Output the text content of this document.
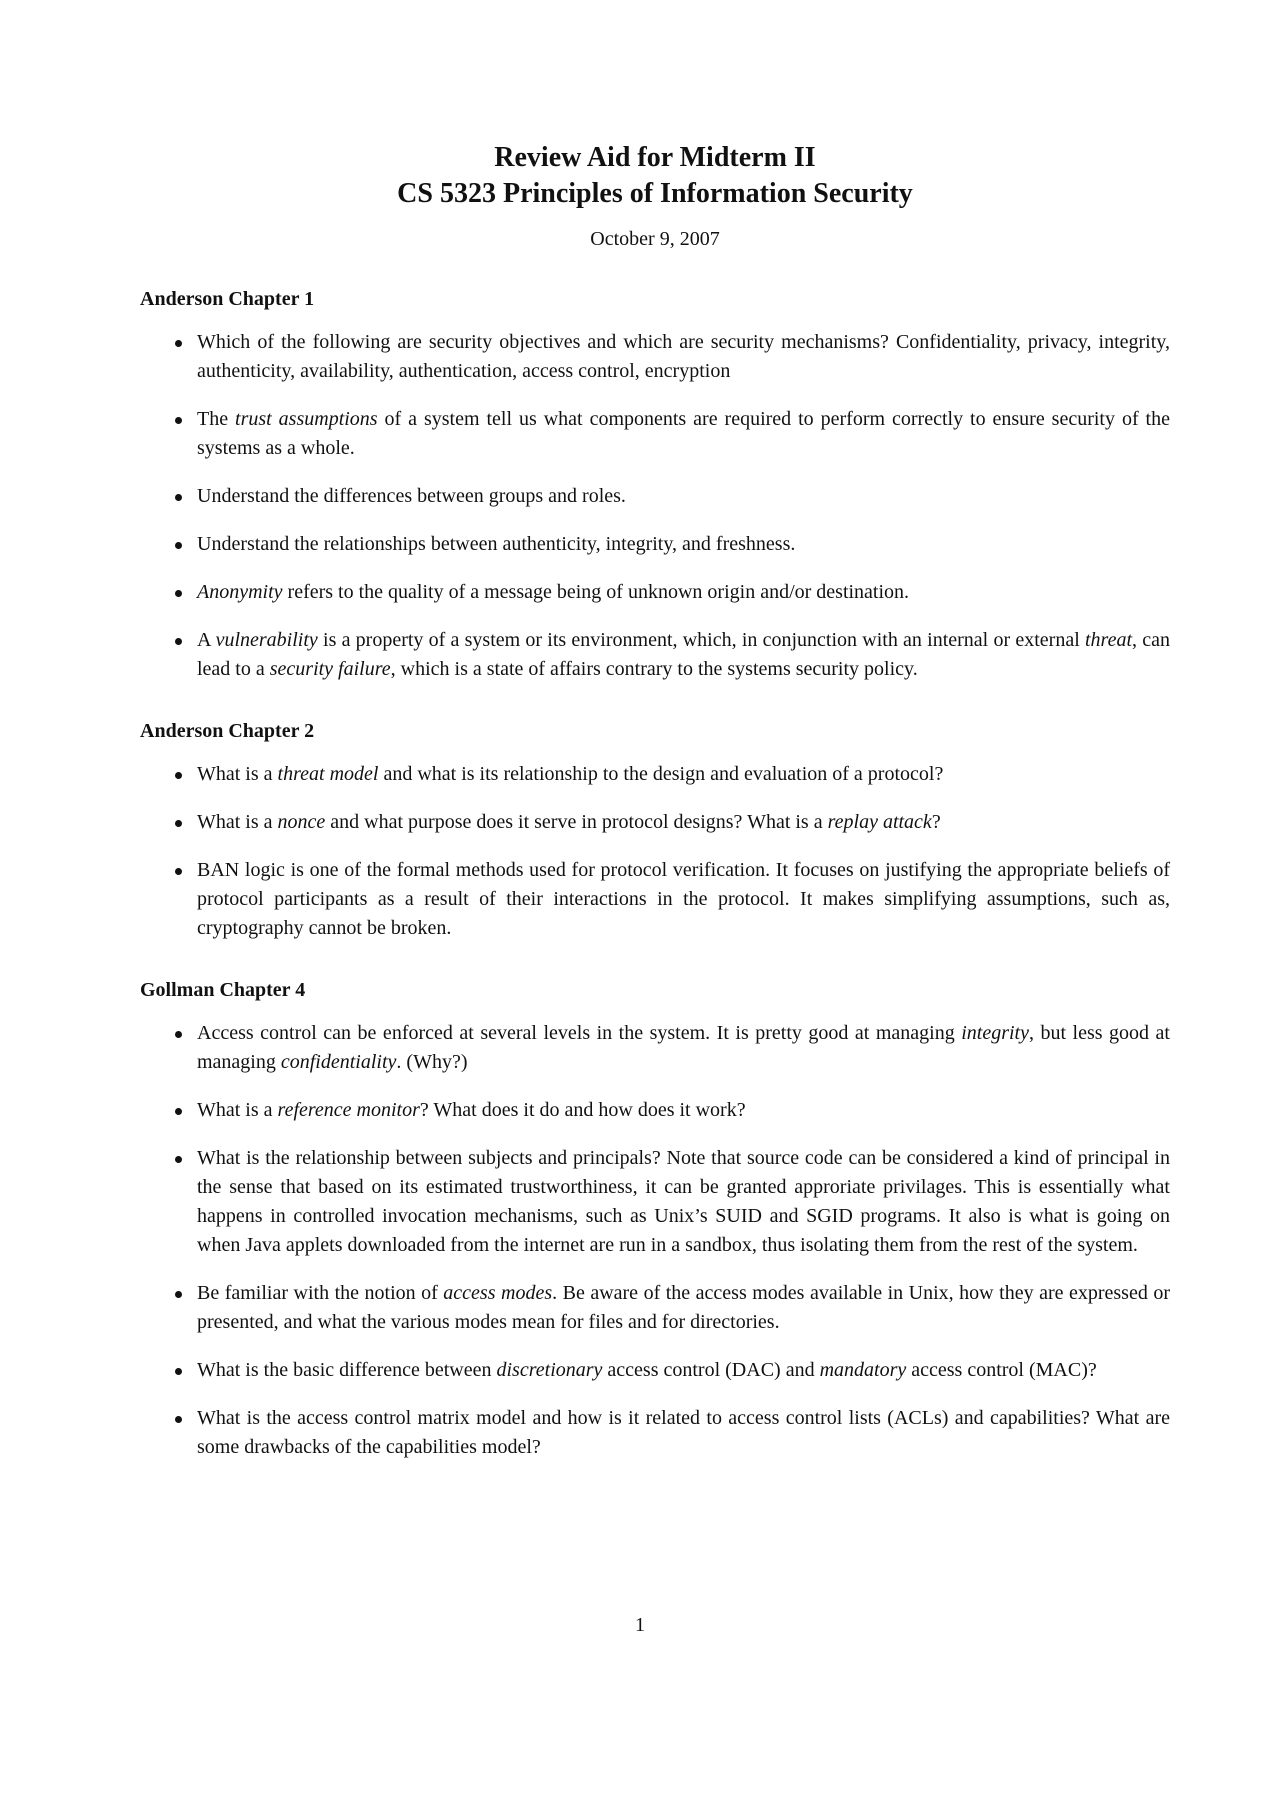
Review Aid for Midterm II
CS 5323 Principles of Information Security
October 9, 2007
Anderson Chapter 1
Which of the following are security objectives and which are security mechanisms? Confidentiality, privacy, integrity, authenticity, availability, authentication, access control, encryption
The trust assumptions of a system tell us what components are required to perform correctly to ensure security of the systems as a whole.
Understand the differences between groups and roles.
Understand the relationships between authenticity, integrity, and freshness.
Anonymity refers to the quality of a message being of unknown origin and/or destination.
A vulnerability is a property of a system or its environment, which, in conjunction with an internal or external threat, can lead to a security failure, which is a state of affairs contrary to the systems security policy.
Anderson Chapter 2
What is a threat model and what is its relationship to the design and evaluation of a protocol?
What is a nonce and what purpose does it serve in protocol designs? What is a replay attack?
BAN logic is one of the formal methods used for protocol verification. It focuses on justifying the appropriate beliefs of protocol participants as a result of their interactions in the protocol. It makes simplifying assumptions, such as, cryptography cannot be broken.
Gollman Chapter 4
Access control can be enforced at several levels in the system. It is pretty good at managing integrity, but less good at managing confidentiality. (Why?)
What is a reference monitor? What does it do and how does it work?
What is the relationship between subjects and principals? Note that source code can be considered a kind of principal in the sense that based on its estimated trustworthiness, it can be granted approriate privilages. This is essentially what happens in controlled invocation mechanisms, such as Unix’s SUID and SGID programs. It also is what is going on when Java applets downloaded from the internet are run in a sandbox, thus isolating them from the rest of the system.
Be familiar with the notion of access modes. Be aware of the access modes available in Unix, how they are expressed or presented, and what the various modes mean for files and for directories.
What is the basic difference between discretionary access control (DAC) and mandatory access control (MAC)?
What is the access control matrix model and how is it related to access control lists (ACLs) and capabilities? What are some drawbacks of the capabilities model?
1
